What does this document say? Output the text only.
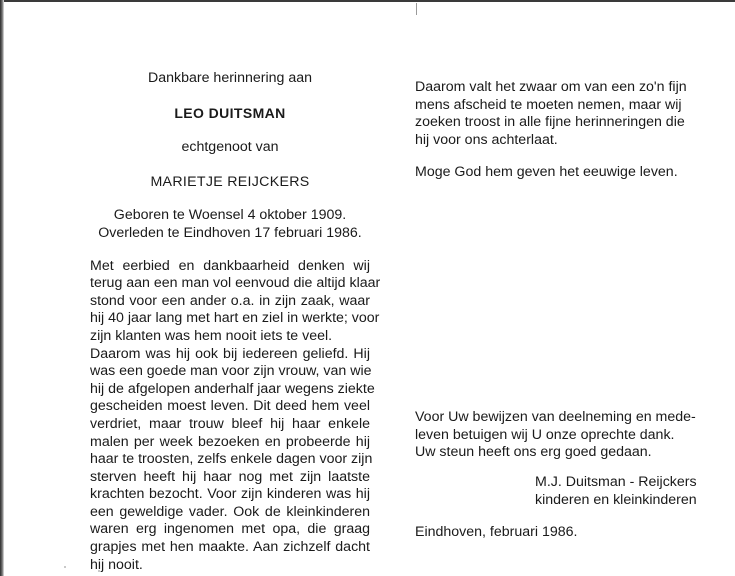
Dankbare herinnering aan
LEO DUITSMAN
echtgenoot van
MARIETJE REIJCKERS
Geboren te Woensel 4 oktober 1909.
Overleden te Eindhoven 17 februari 1986.
Met eerbied en dankbaarheid denken wij
terug aan een man vol eenvoud die altijd klaar
stond voor een ander o.a. in zijn zaak, waar
hij 40 jaar lang met hart en ziel in werkte; voor
zijn klanten was hem nooit iets te veel.
Daarom was hij ook bij iedereen geliefd. Hij
was een goede man voor zijn vrouw, van wie
hij de afgelopen anderhalf jaar wegens ziekte
gescheiden moest leven. Dit deed hem veel
verdriet, maar trouw bleef hij haar enkele
malen per week bezoeken en probeerde hij
haar te troosten, zelfs enkele dagen voor zijn
sterven heeft hij haar nog met zijn laatste
krachten bezocht. Voor zijn kinderen was hij
een geweldige vader. Ook de kleinkinderen
waren erg ingenomen met opa, die graag
grapjes met hen maakte. Aan zichzelf dacht
hij nooit.
Daarom valt het zwaar om van een zo'n fijn
mens afscheid te moeten nemen, maar wij
zoeken troost in alle fijne herinneringen die
hij voor ons achterlaat.
Moge God hem geven het eeuwige leven.
Voor Uw bewijzen van deelneming en mede-
leven betuigen wij U onze oprechte dank.
Uw steun heeft ons erg goed gedaan.
M.J. Duitsman - Reijckers
kinderen en kleinkinderen
Eindhoven, februari 1986.
